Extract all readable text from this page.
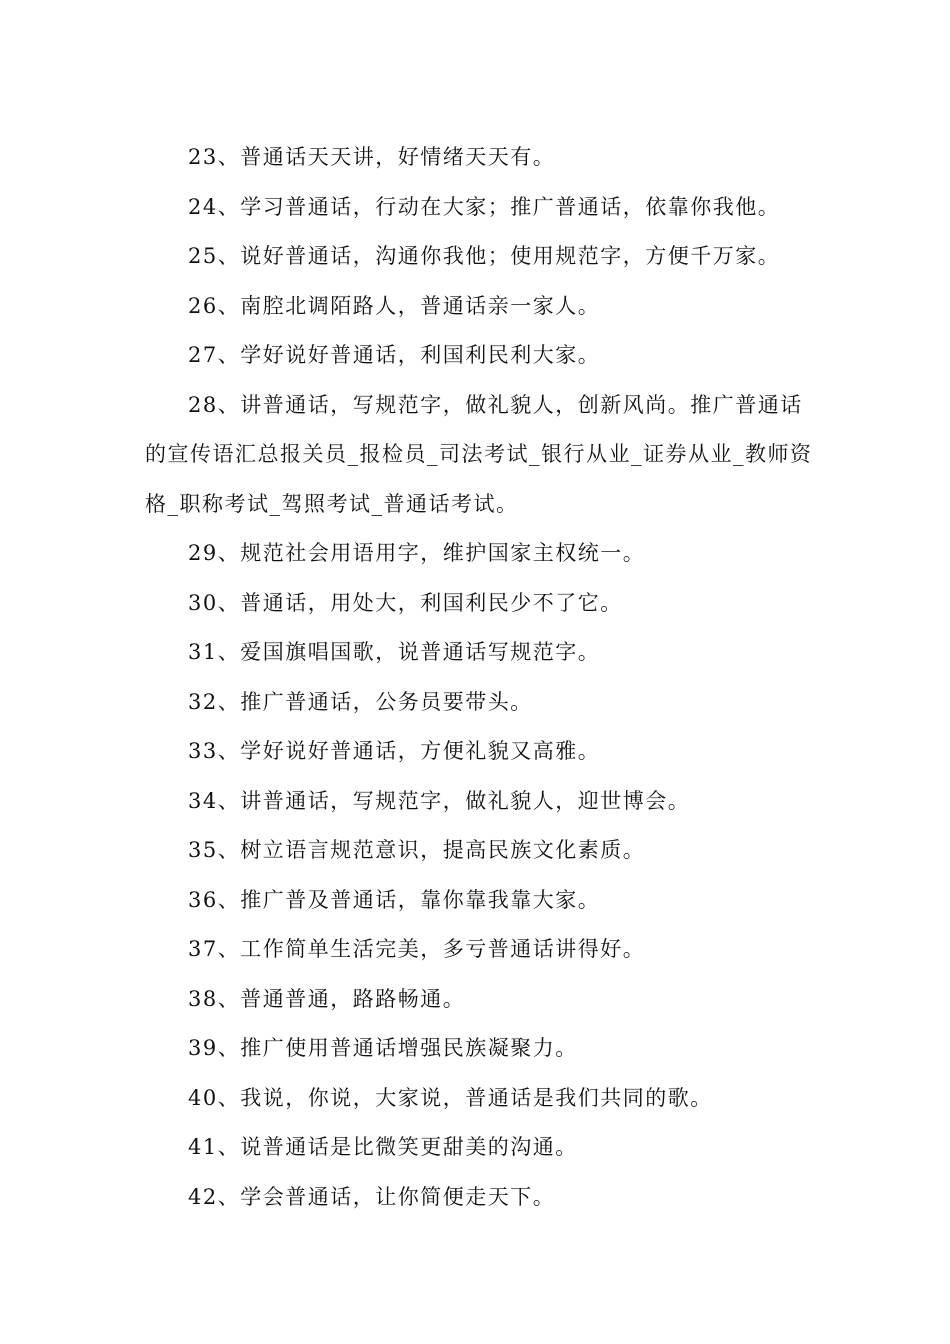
23、普通话天天讲，好情绪天天有。

24、学习普通话，行动在大家；推广普通话，依靠你我他。

25、说好普通话，沟通你我他；使用规范字，方便千万家。

26、南腔北调陌路人，普通话亲一家人。

27、学好说好普通话，利国利民利大家。

28、讲普通话，写规范字，做礼貌人，创新风尚。推广普通话的宣传语汇总报关员_报检员_司法考试_银行从业_证券从业_教师资格_职称考试_驾照考试_普通话考试。

29、规范社会用语用字，维护国家主权统一。

30、普通话，用处大，利国利民少不了它。

31、爱国旗唱国歌，说普通话写规范字。

32、推广普通话，公务员要带头。

33、学好说好普通话，方便礼貌又高雅。

34、讲普通话，写规范字，做礼貌人，迎世博会。

35、树立语言规范意识，提高民族文化素质。

36、推广普及普通话，靠你靠我靠大家。

37、工作简单生活完美，多亏普通话讲得好。

38、普通普通，路路畅通。

39、推广使用普通话增强民族凝聚力。

40、我说，你说，大家说，普通话是我们共同的歌。

41、说普通话是比微笑更甜美的沟通。

42、学会普通话，让你简便走天下。
